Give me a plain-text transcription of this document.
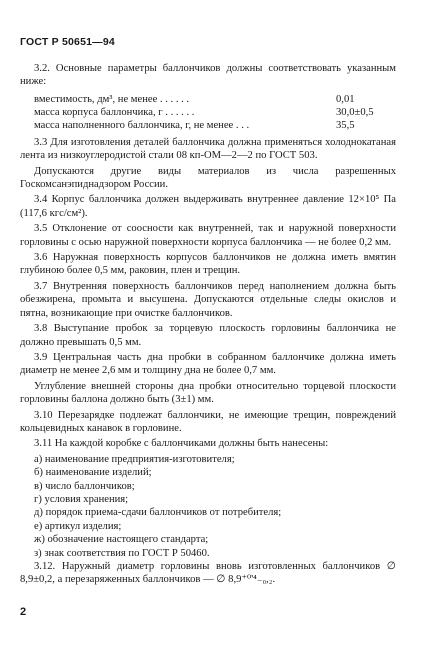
ГОСТ Р 50651—94

3.2. Основные параметры баллончиков должны соответствовать указанным ниже:

вместимость, дм³, не менее . . . . . .	0,01
масса корпуса баллончика, г . . . . . .	30,0±0,5
масса наполненного баллончика, г, не менее . . .	35,5

3.3 Для изготовления деталей баллончика должна применяться холоднокатаная лента из низкоуглеродистой стали 08 кп-ОМ—2—2 по ГОСТ 503.

Допускаются другие виды материалов из числа разрешенных Госкомсанэпиднадзором России.

3.4 Корпус баллончика должен выдерживать внутреннее давление 12×10⁵ Па (117,6 кгс/см²).

3.5 Отклонение от соосности как внутренней, так и наружной поверхности горловины с осью наружной поверхности корпуса баллончика — не более 0,2 мм.

3.6 Наружная поверхность корпусов баллончиков не должна иметь вмятин глубиною более 0,5 мм, раковин, плен и трещин.

3.7 Внутренняя поверхность баллончиков перед наполнением должна быть обезжирена, промыта и высушена. Допускаются отдельные следы окислов и пятна, возникающие при очистке баллончиков.

3.8 Выступание пробок за торцевую плоскость горловины баллончика не должно превышать 0,5 мм.

3.9 Центральная часть дна пробки в собранном баллончике должна иметь диаметр не менее 2,6 мм и толщину дна не более 0,7 мм.

Углубление внешней стороны дна пробки относительно торцевой плоскости горловины баллона должно быть (3±1) мм.

3.10 Перезарядке подлежат баллончики, не имеющие трещин, повреждений кольцевидных канавок в горловине.

3.11 На каждой коробке с баллончиками должны быть нанесены:

а) наименование предприятия-изготовителя;
б) наименование изделий;
в) число баллончиков;
г) условия хранения;
д) порядок приема-сдачи баллончиков от потребителя;
е) артикул изделия;
ж) обозначение настоящего стандарта;
з) знак соответствия по ГОСТ Р 50460.

3.12. Наружный диаметр горловины вновь изготовленных баллончиков ∅ 8,9±0,2, а перезаряженных баллончиков — ∅ 8,9⁺⁰'⁴₋₀,₂.

2
